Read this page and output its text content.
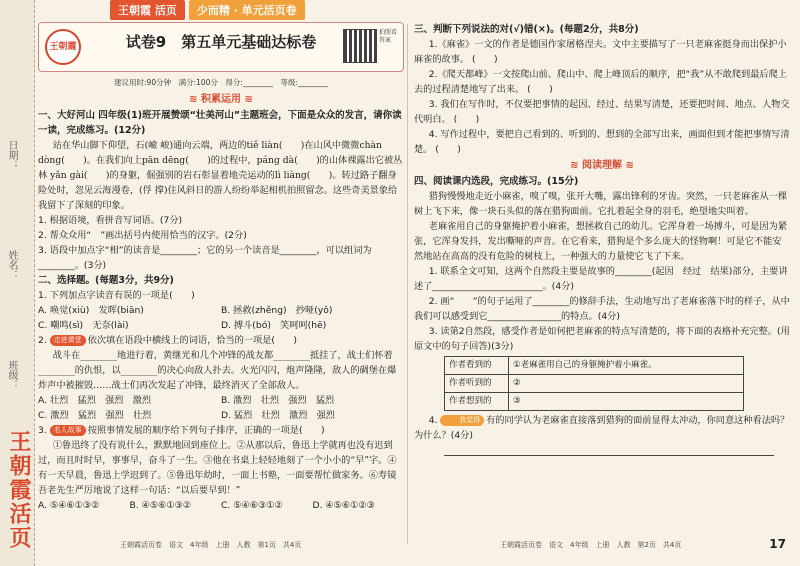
日期：
姓名：
班级：
王朝霞活页
王朝霞 活页	少而精 · 单元活页卷
王朝霞	试卷9　第五单元基础达标卷
拍照看答案
建议用时:90分钟　满分:100分　得分:________　等级:________
≋ 积累运用 ≋
一、大好河山 四年级(1)班开展赞颂“壮美河山”主题班会，下面是众众的发言，请你读一读，完成练习。(12分)
站在华山脚下仰望，石(嶮 峻)通向云端，两边的tiě liàn(　　)在山风中微微chàn dòng(　　)。在我们向上pān dēng(　　)的过程中，páng dà(　　)的山体裸露出它被丛林 yǎn gài(　　)的身躯，倔强别的岩石彰显着地壳运动的lì liàng(　　)。转过路子翻身险处时，忽见云海漫卷，(俘 撑)住风斜日的游人纷纷举起相机拍照留念。这些奇美景象给我留下了深刻的印象。
1. 根据语境，看拼音写词语。(7分)
2. 帮众众用“　”画出括号内使用恰当的汉字。(2分)
3. 语段中加点字“相”的读音是________；它的另一个读音是________，可以组词为________。(3分)
二、选择题。(每题3分，共9分)
1. 下列加点字读音有误的一项是(　　)
A. 唤觉(xiù)　发晖(biān)	B. 拯救(zhěng)　抄哑(yǒ)
C. 嘲鸣(sì)　无奈(lài)	D. 搏斗(bó)　笑呵呵(hē)
2. 走进课堂 依次填在语段中横线上的词语，恰当的一项是(　　)
战斗在________地进行着，黄继光和几个冲锋的战友都________抵挂了，战士们怀着________的仇恨，以________的决心向敌人扑去。火光闪闪，炮声隆隆，敌人的碉堡在爆炸声中被摧毁……战士们再次发起了冲锋，最终消灭了全部敌人。
A. 壮烈　猛烈　强烈　激烈	B. 激烈　壮烈　强烈　猛烈
C. 激烈　猛烈　强烈　壮烈	D. 猛烈　壮烈　激烈　强烈
3. 名人故事 按照事情发展的顺序给下列句子排序，正确的一项是(　　)
①鲁迅终了没有说什么，默默地回到座位上。②从那以后，鲁迅上学就再也没有迟到过，而且时时早，事事早，奋斗了一生。③他在书桌上轻轻地刻了一个小小的“早”字。④有一天早晨，鲁迅上学迟到了。⑤鲁迅年幼时，一面上书塾，一面要帮忙做家务。⑥寿镜吾老先生严厉地说了这样一句话：“以后要早到！”
A. ⑤④⑥①③②	B. ④⑤⑥①③②	C. ⑤④⑥③①②	D. ④⑤⑥①②③
三、判断下列说法的对(√)错(×)。(每题2分，共8分)
1.《麻雀》一文的作者是德国作家屠格涅夫。文中主要描写了一只老麻雀挺身而出保护小麻雀的故事。 (　　)
2.《爬天都峰》一文按爬山前、爬山中、爬上峰顶后的顺序，把“我”从不敢爬到最后爬上去的过程清楚地写了出来。 (　　)
3. 我们在写作时，不仅要把事情的起因、经过、结果写清楚，还要把时间、地点、人物交代明白。 (　　)
4. 写作过程中，要把自己看到的、听到的、想到的全部写出来，画面但到才能把事情写清楚。 (　　)
≋ 阅读理解 ≋
四、阅读课内选段，完成练习。(15分)
猎狗慢慢地走近小麻雀，嗅了嗅，张开大嘴，露出锋利的牙齿。突然，一只老麻雀从一棵树上飞下来，像一块石头似的落在猎狗面前。它扎着起全身的羽毛，绝望地尖叫着。
老麻雀用自己的身躯掩护着小麻雀，想拯救自己的幼儿。它浑身着一场搏斗，可是因为紧张，它浑身发抖，发出嘶哑的声音。在它看来，猎狗是个多么庞大的怪物啊！可是它不能安然地站在高高的没有危险的树枝上，一种强大的力量使它飞了下来。
1. 联系全文可知，这两个自然段主要是故事的________(起因　经过　结果)部分，主要讲述了________________________。(4分)
2. 画“　　”的句子运用了________的修辞手法，生动地写出了老麻雀落下时的样子，从中我们可以感受到它________________的特点。(4分)
3. 读第2自然段，感受作者是如何把老麻雀的特点写清楚的，将下面的表格补充完整。(用原文中的句子回答)(3分)
作者看到的	①老麻雀用自己的身躯掩护着小麻雀。
作者听到的	②
作者想到的	③
4.	我觉得 有的同学认为老麻雀直接落到猎狗的面前显得太冲动，你同意这种看法吗？为什么？(4分)
王朝霞活页卷　语文　4年级　上册　人教　第1页　共4页	王朝霞活页卷　语文　4年级　上册　人教　第2页　共4页	17
